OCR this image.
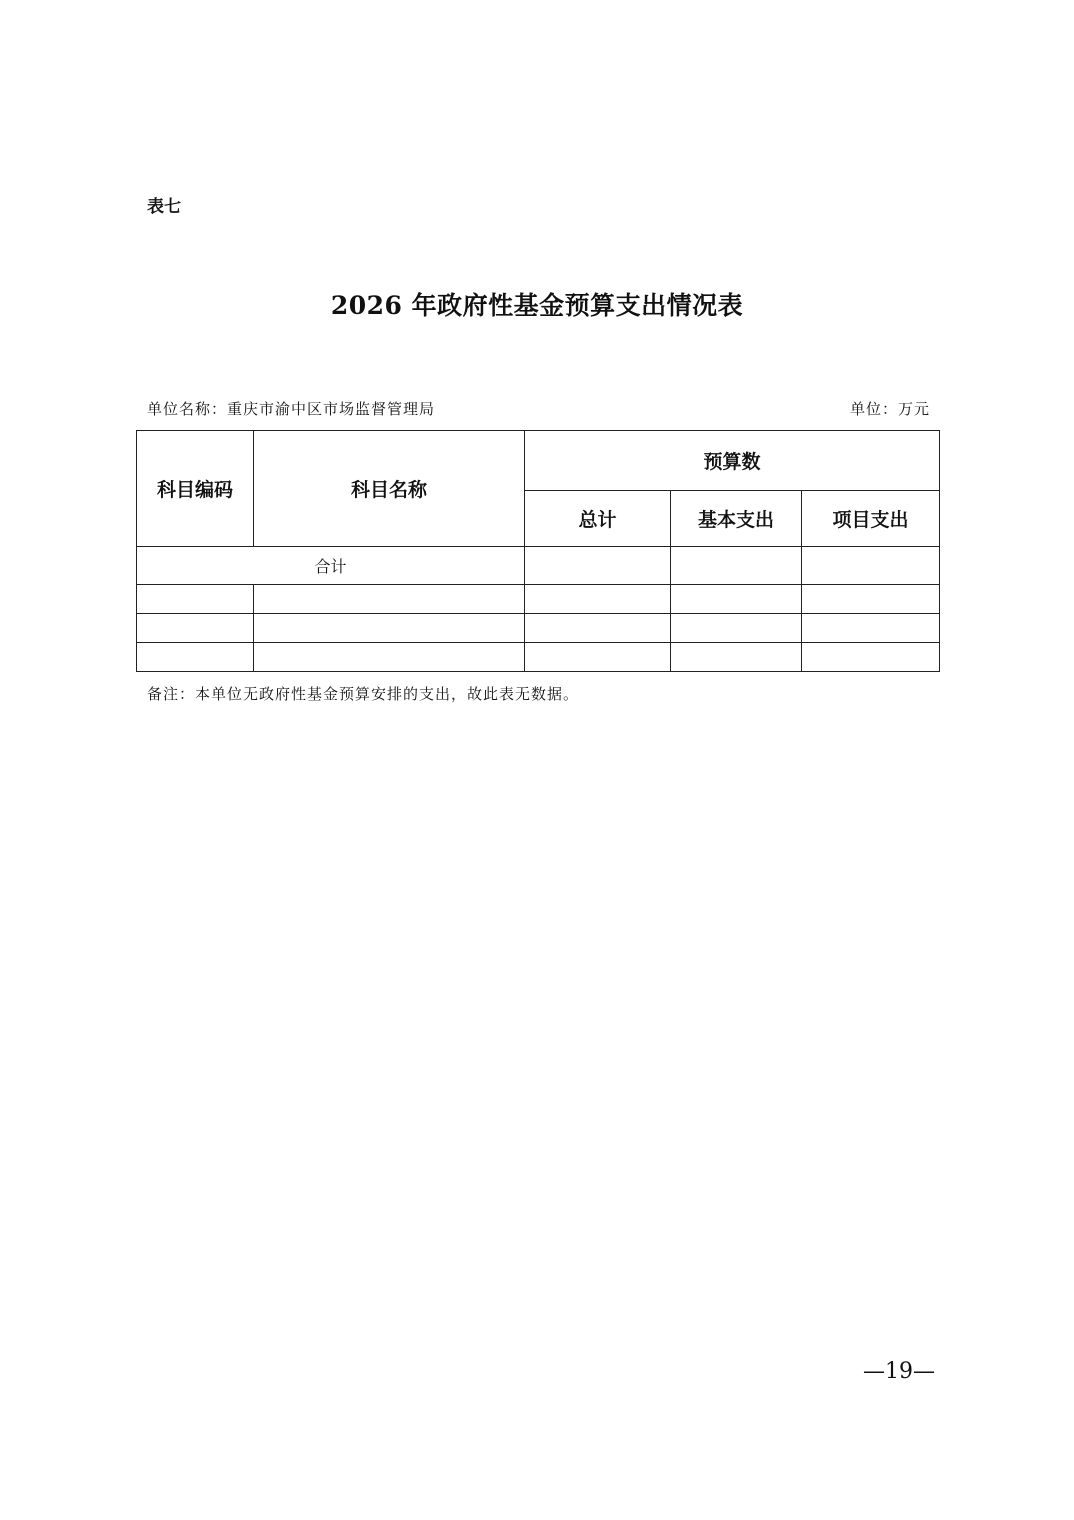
表七
2026 年政府性基金预算支出情况表
单位名称：重庆市渝中区市场监督管理局	单位：万元
科目编码	科目名称	预算数		
		总计	基本支出	项目支出
合计				

备注：本单位无政府性基金预算安排的支出，故此表无数据。
—19—
